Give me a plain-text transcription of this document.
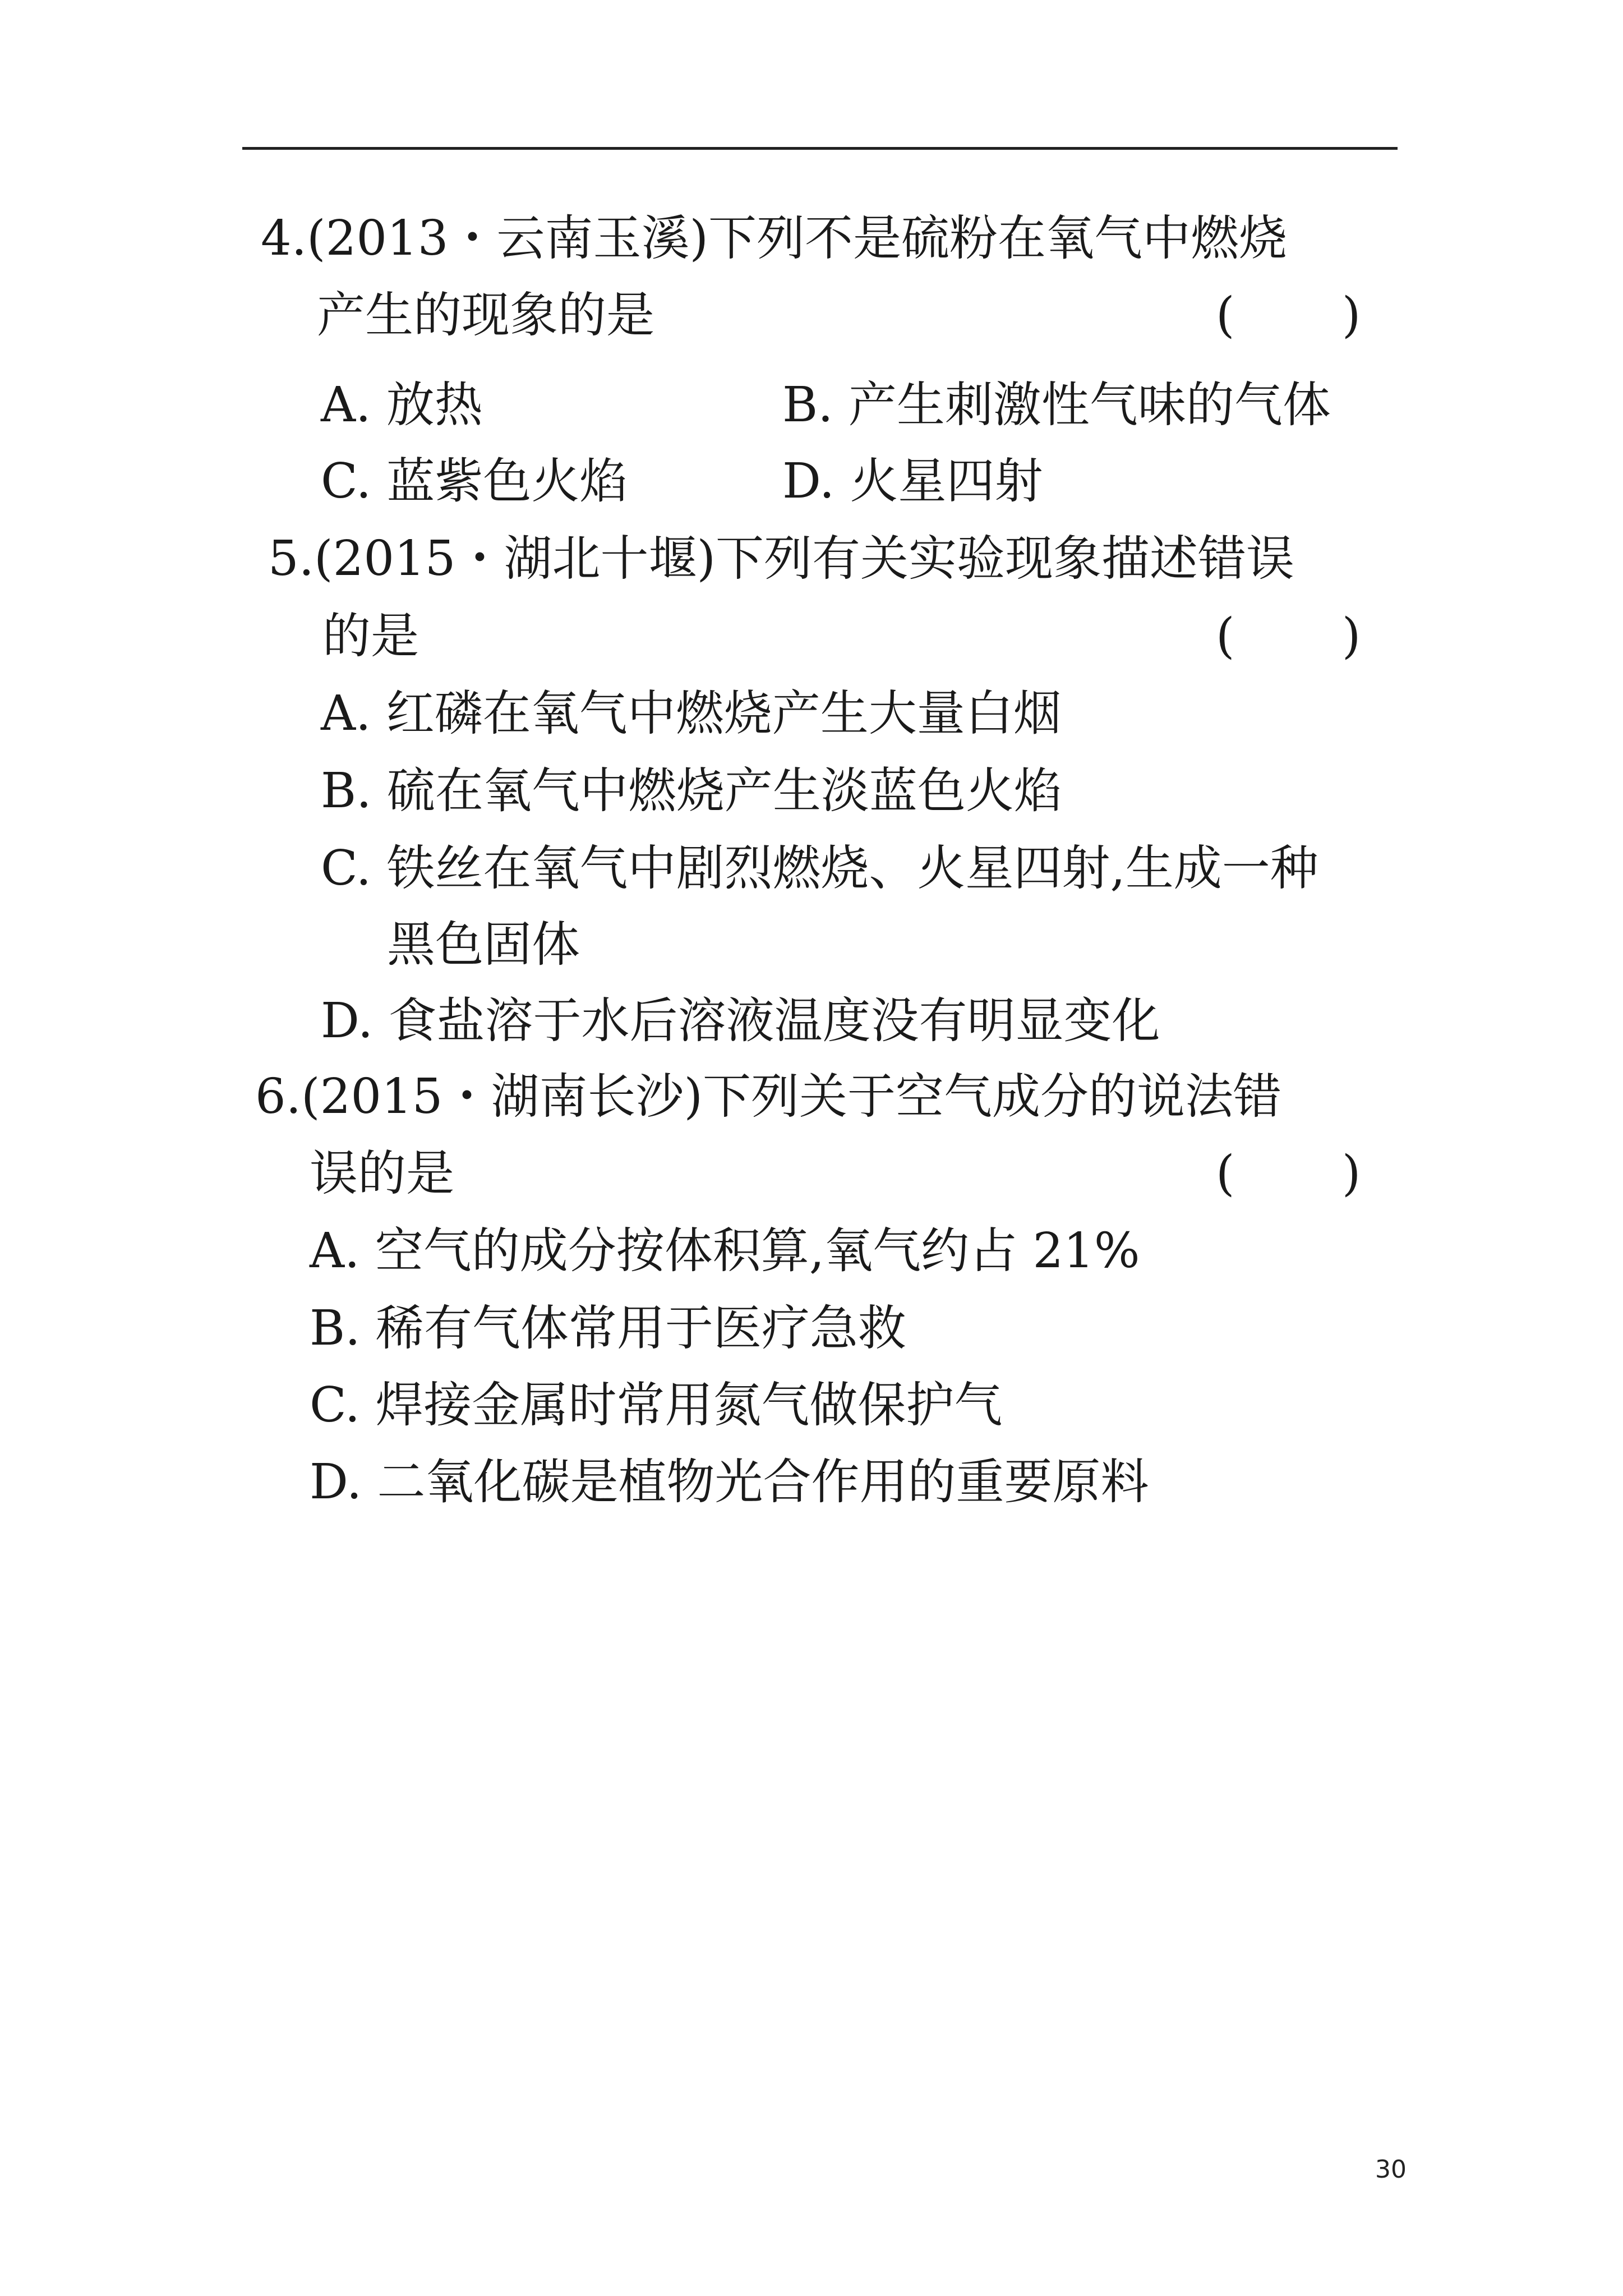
4.(2013・云南玉溪)下列不是硫粉在氧气中燃烧
产生的现象的是	(       )
A. 放热	B. 产生刺激性气味的气体
C. 蓝紫色火焰	D. 火星四射
5.(2015・湖北十堰)下列有关实验现象描述错误
的是	(       )
A. 红磷在氧气中燃烧产生大量白烟
B. 硫在氧气中燃烧产生淡蓝色火焰
C. 铁丝在氧气中剧烈燃烧、火星四射,生成一种
黑色固体
D. 食盐溶于水后溶液温度没有明显变化
6.(2015・湖南长沙)下列关于空气成分的说法错
误的是	(       )
A. 空气的成分按体积算,氧气约占 21%
B. 稀有气体常用于医疗急救
C. 焊接金属时常用氮气做保护气
D. 二氧化碳是植物光合作用的重要原料
30
